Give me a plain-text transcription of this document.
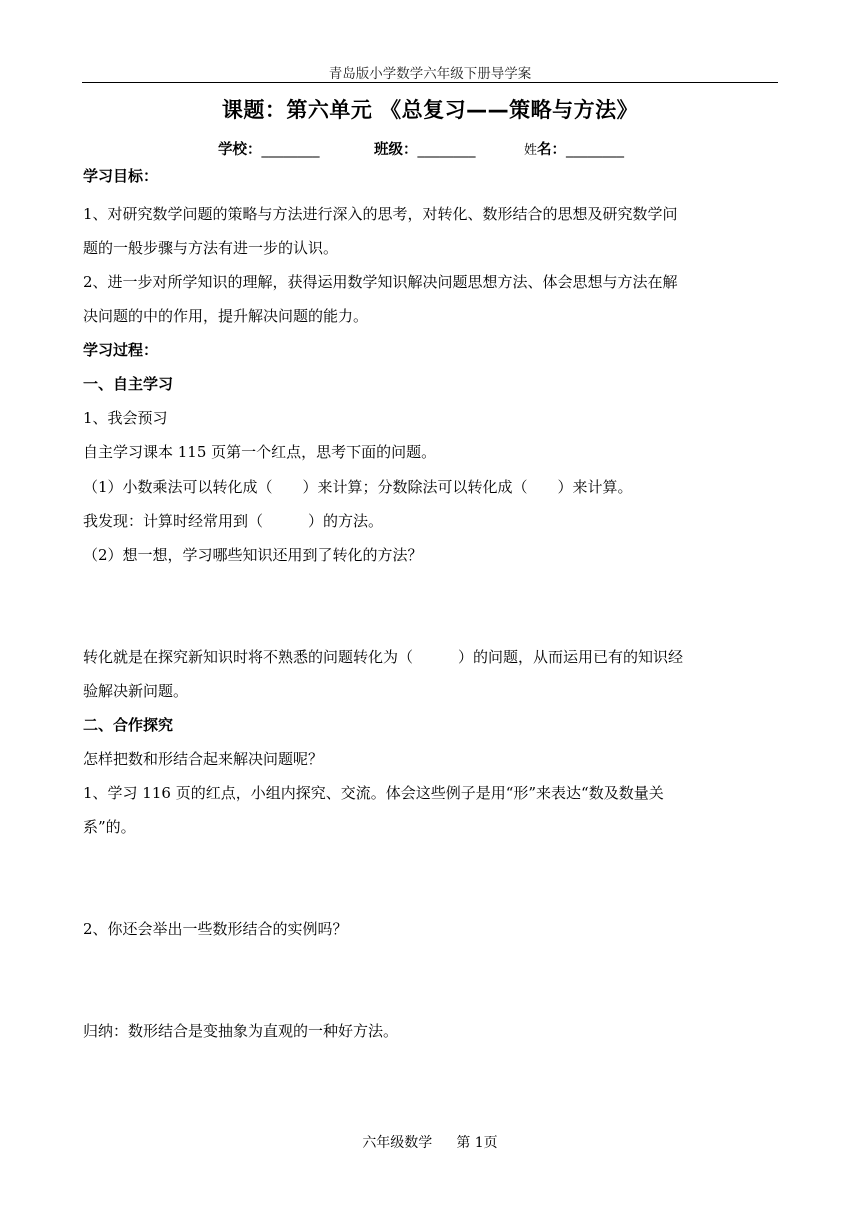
青岛版小学数学六年级下册导学案
课题：第六单元 《总复习——策略与方法》
学校：________	班级：________	姓名：________
学习目标：
1、对研究数学问题的策略与方法进行深入的思考，对转化、数形结合的思想及研究数学问
题的一般步骤与方法有进一步的认识。
2、进一步对所学知识的理解，获得运用数学知识解决问题思想方法、体会思想与方法在解
决问题的中的作用，提升解决问题的能力。
学习过程：
一、自主学习
1、我会预习
自主学习课本 115 页第一个红点，思考下面的问题。
（1）小数乘法可以转化成（　　）来计算；分数除法可以转化成（　　）来计算。
我发现：计算时经常用到（　　　）的方法。
（2）想一想，学习哪些知识还用到了转化的方法？
转化就是在探究新知识时将不熟悉的问题转化为（　　　）的问题，从而运用已有的知识经
验解决新问题。
二、合作探究
怎样把数和形结合起来解决问题呢？
1、学习 116 页的红点，小组内探究、交流。体会这些例子是用“形”来表达“数及数量关
系”的。
2、你还会举出一些数形结合的实例吗？
归纳：数形结合是变抽象为直观的一种好方法。
六年级数学 第 1页
